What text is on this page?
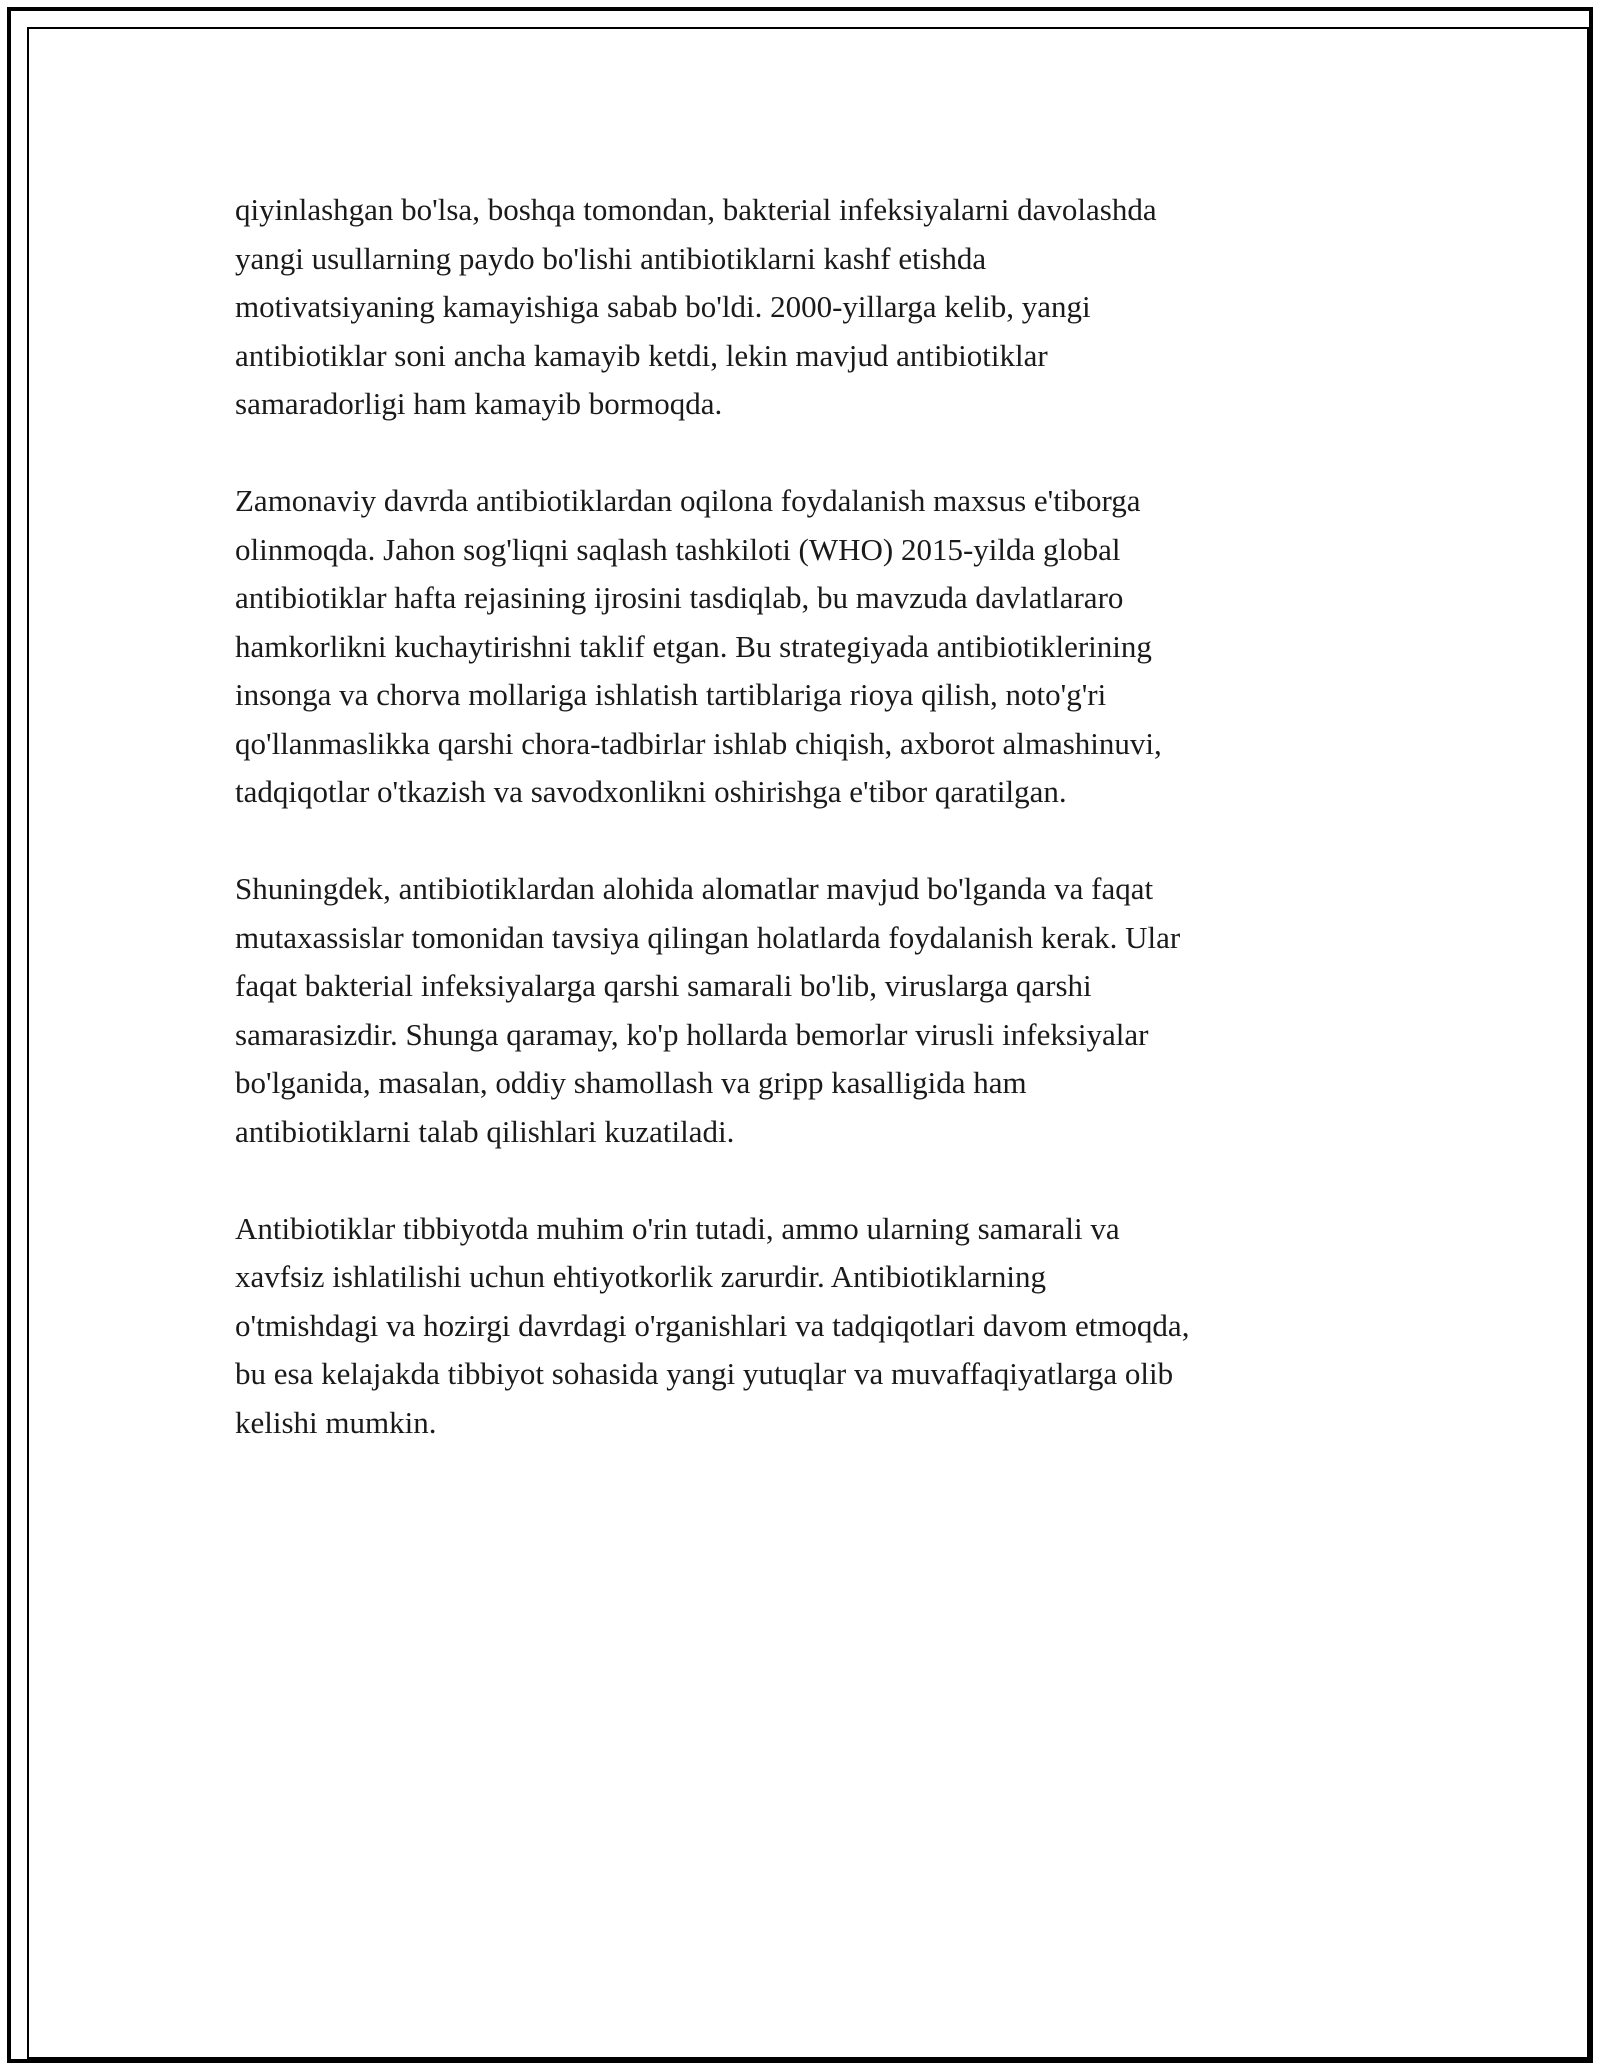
qiyinlashgan bo'lsa, boshqa tomondan, bakterial infeksiyalarni davolashda
yangi usullarning paydo bo'lishi antibiotiklarni kashf etishda
motivatsiyaning kamayishiga sabab bo'ldi. 2000-yillarga kelib, yangi
antibiotiklar soni ancha kamayib ketdi, lekin mavjud antibiotiklar
samaradorligi ham kamayib bormoqda.

Zamonaviy davrda antibiotiklardan oqilona foydalanish maxsus e'tiborga
olinmoqda. Jahon sog'liqni saqlash tashkiloti (WHO) 2015-yilda global
antibiotiklar hafta rejasining ijrosini tasdiqlab, bu mavzuda davlatlararo
hamkorlikni kuchaytirishni taklif etgan. Bu strategiyada antibiotiklerining
insonga va chorva mollariga ishlatish tartiblariga rioya qilish, noto'g'ri
qo'llanmaslikka qarshi chora-tadbirlar ishlab chiqish, axborot almashinuvi,
tadqiqotlar o'tkazish va savodxonlikni oshirishga e'tibor qaratilgan.

Shuningdek, antibiotiklardan alohida alomatlar mavjud bo'lganda va faqat
mutaxassislar tomonidan tavsiya qilingan holatlarda foydalanish kerak. Ular
faqat bakterial infeksiyalarga qarshi samarali bo'lib, viruslarga qarshi
samarasizdir. Shunga qaramay, ko'p hollarda bemorlar virusli infeksiyalar
bo'lganida, masalan, oddiy shamollash va gripp kasalligida ham
antibiotiklarni talab qilishlari kuzatiladi.

Antibiotiklar tibbiyotda muhim o'rin tutadi, ammo ularning samarali va
xavfsiz ishlatilishi uchun ehtiyotkorlik zarurdir. Antibiotiklarning
o'tmishdagi va hozirgi davrdagi o'rganishlari va tadqiqotlari davom etmoqda,
bu esa kelajakda tibbiyot sohasida yangi yutuqlar va muvaffaqiyatlarga olib
kelishi mumkin.
